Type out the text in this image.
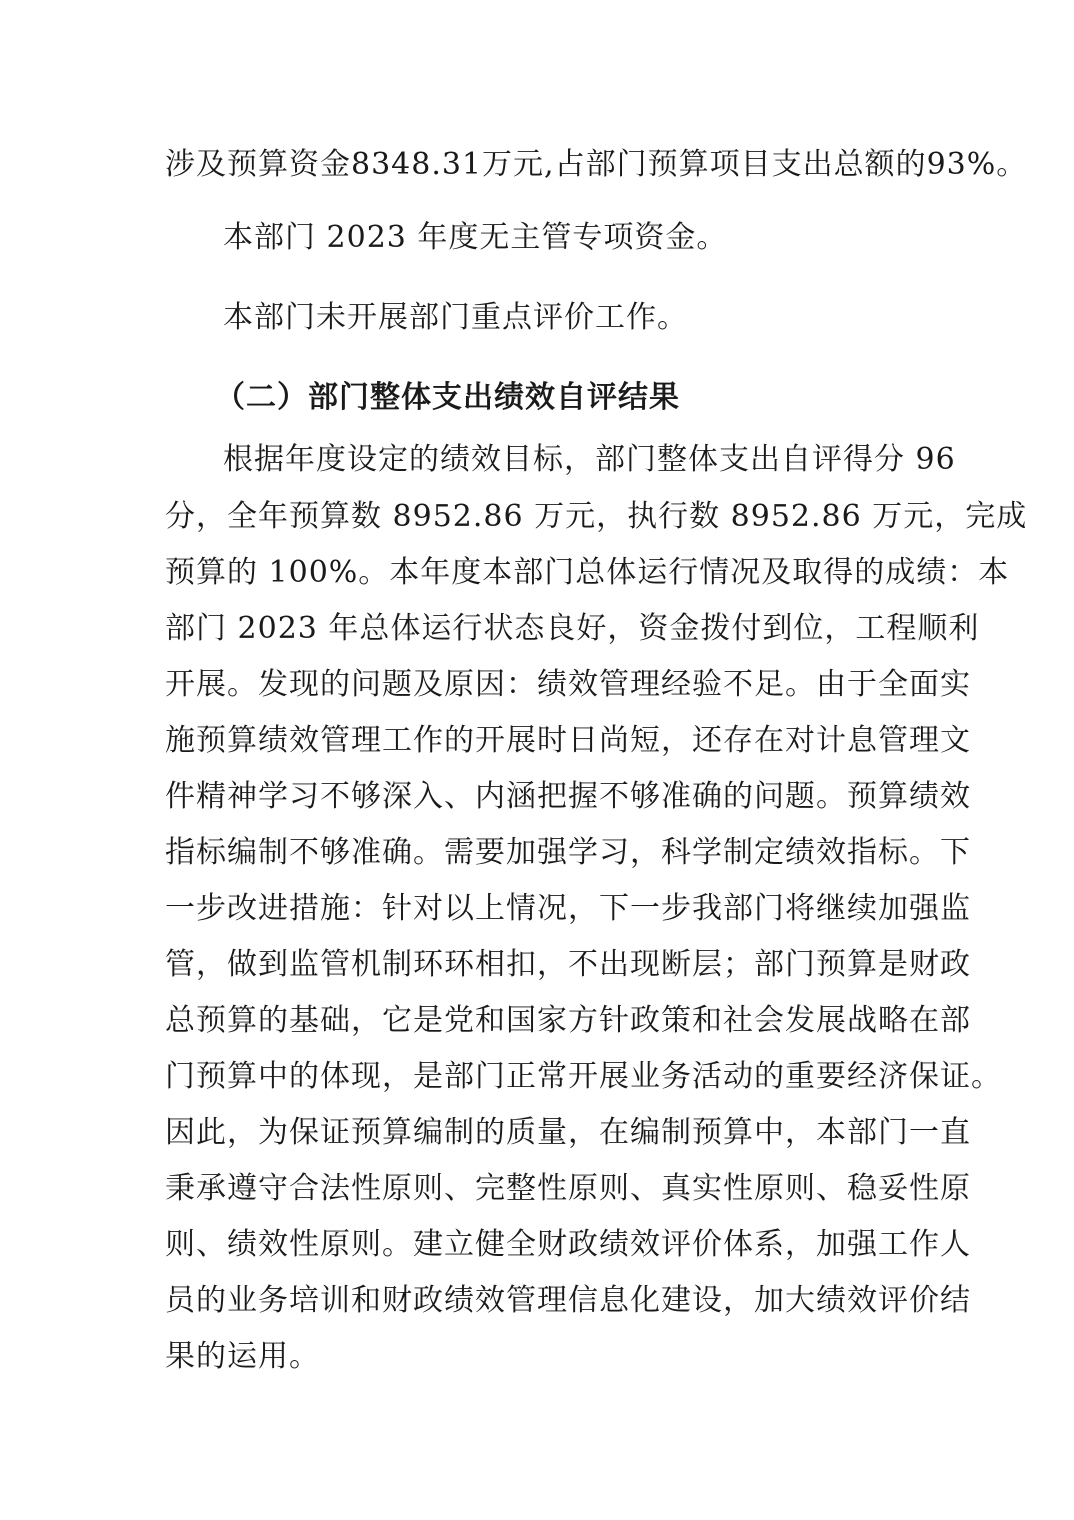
涉及预算资金8348.31万元,占部门预算项目支出总额的93%。
本部门 2023 年度无主管专项资金。
本部门未开展部门重点评价工作。
（二）部门整体支出绩效自评结果
根据年度设定的绩效目标，部门整体支出自评得分 96
分，全年预算数 8952.86 万元，执行数 8952.86 万元，完成
预算的 100%。本年度本部门总体运行情况及取得的成绩：本
部门 2023 年总体运行状态良好，资金拨付到位，工程顺利
开展。发现的问题及原因：绩效管理经验不足。由于全面实
施预算绩效管理工作的开展时日尚短，还存在对计息管理文
件精神学习不够深入、内涵把握不够准确的问题。预算绩效
指标编制不够准确。需要加强学习，科学制定绩效指标。下
一步改进措施：针对以上情况，下一步我部门将继续加强监
管，做到监管机制环环相扣，不出现断层；部门预算是财政
总预算的基础，它是党和国家方针政策和社会发展战略在部
门预算中的体现，是部门正常开展业务活动的重要经济保证。
因此，为保证预算编制的质量，在编制预算中，本部门一直
秉承遵守合法性原则、完整性原则、真实性原则、稳妥性原
则、绩效性原则。建立健全财政绩效评价体系，加强工作人
员的业务培训和财政绩效管理信息化建设，加大绩效评价结
果的运用。
